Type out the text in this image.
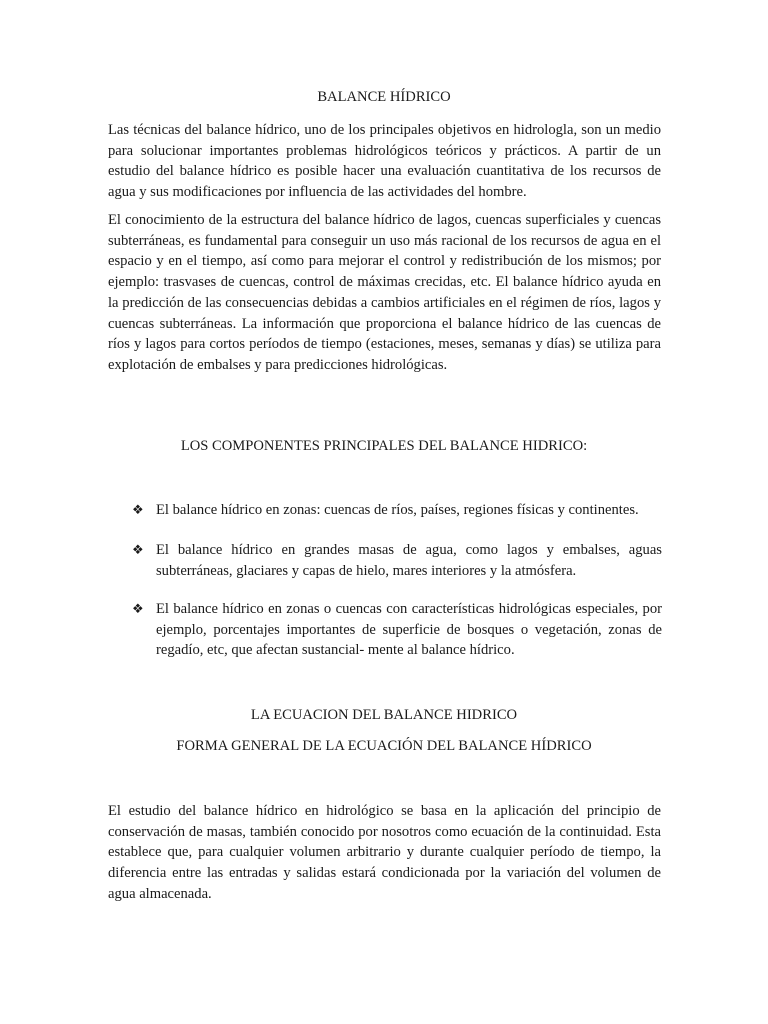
BALANCE HÍDRICO

Las técnicas del balance hídrico, uno de los principales objetivos en hidrologla, son un medio para solucionar importantes problemas hidrológicos teóricos y prácticos. A partir de un estudio del balance hídrico es posible hacer una evaluación cuantitativa de los recursos de agua y sus modificaciones por influencia de las actividades del hombre.

El conocimiento de la estructura del balance hídrico de lagos, cuencas superficiales y cuencas subterráneas, es fundamental para conseguir un uso más racional de los recursos de agua en el espacio y en el tiempo, así como para mejorar el control y redistribución de los mismos; por ejemplo: trasvases de cuencas, control de máximas crecidas, etc. El balance hídrico ayuda en la predicción de las consecuencias debidas a cambios artificiales en el régimen de ríos, lagos y cuencas subterráneas. La información que proporciona el balance hídrico de las cuencas de ríos y lagos para cortos períodos de tiempo (estaciones, meses, semanas y días) se utiliza para explotación de embalses y para predicciones hidrológicas.

LOS COMPONENTES PRINCIPALES DEL BALANCE HIDRICO:

❖ El balance hídrico en zonas: cuencas de ríos, países, regiones físicas y continentes.
❖ El balance hídrico en grandes masas de agua, como lagos y embalses, aguas subterráneas, glaciares y capas de hielo, mares interiores y la atmósfera.
❖ El balance hídrico en zonas o cuencas con características hidrológicas especiales, por ejemplo, porcentajes importantes de superficie de bosques o vegetación, zonas de regadío, etc, que afectan sustancial- mente al balance hídrico.

LA ECUACION DEL BALANCE HIDRICO

FORMA GENERAL DE LA ECUACIÓN DEL BALANCE HÍDRICO

El estudio del balance hídrico en hidrológico se basa en la aplicación del principio de conservación de masas, también conocido por nosotros como ecuación de la continuidad. Esta establece que, para cualquier volumen arbitrario y durante cualquier período de tiempo, la diferencia entre las entradas y salidas estará condicionada por la variación del volumen de agua almacenada.
